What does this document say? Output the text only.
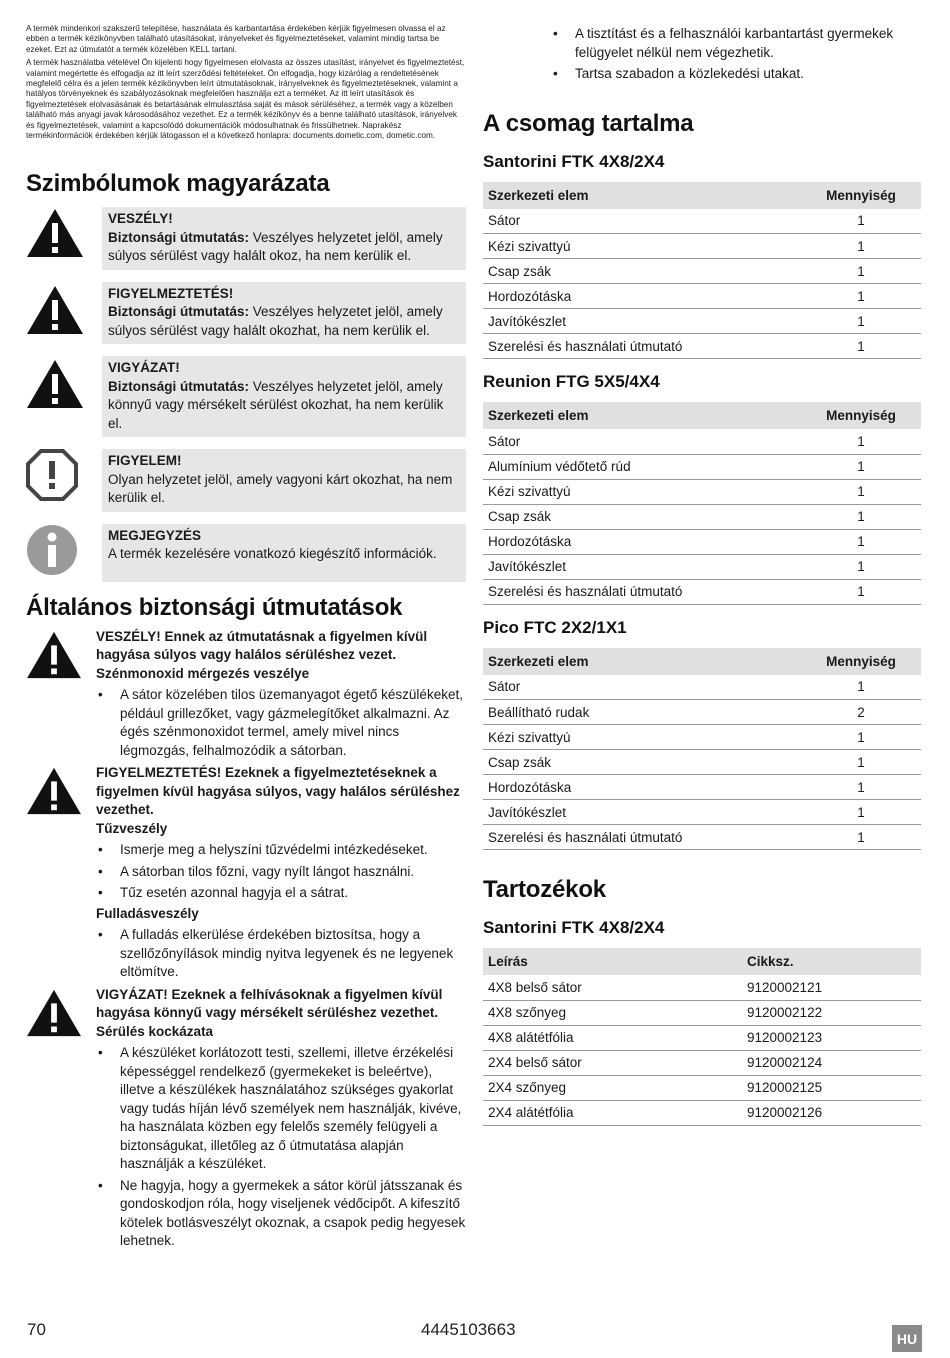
A termék mindenkori szakszerű telepítése, használata és karbantartása érdekében kérjük figyelmesen olvassa el az ebben a termék kézikönyvben található utasításokat, irányelveket és figyelmeztetéseket, valamint mindig tartsa be ezeket. Ezt az útmutatót a termék közelében KELL tartani.

A termék használatba vételével Ön kijelenti hogy figyelmesen elolvasta az összes utasítást, irányelvet és figyelmeztetést, valamint megértette és elfogadja az itt leírt szerződési feltételeket. Ön elfogadja, hogy kizárólag a rendeltetésének megfelelő célra és a jelen termék kézikönyvben leírt útmutatásoknak, irányelveknek és figyelmeztetéseknek, valamint a hatályos törvényeknek és szabályozásoknak megfelelően használja ezt a terméket. Az itt leírt utasítások és figyelmeztetések elolvasásának és betartásának elmulasztása saját és mások sérüléséhez, a termék vagy a közelben található más anyagi javak károsodásához vezethet. Ez a termék kézikönyv és a benne található utasítások, irányelvek és figyelmeztetések, valamint a kapcsolódó dokumentációk módosulhatnak és frissülhetnek. Naprakész termékinformációk érdekében kérjük látogasson el a következő honlapra: documents.dometic.com, dometic.com.

Szimbólumok magyarázata
VESZÉLY!
Biztonsági útmutatás: Veszélyes helyzetet jelöl, amely súlyos sérülést vagy halált okoz, ha nem kerülik el.
FIGYELMEZTETÉS!
Biztonsági útmutatás: Veszélyes helyzetet jelöl, amely súlyos sérülést vagy halált okozhat, ha nem kerülik el.
VIGYÁZAT!
Biztonsági útmutatás: Veszélyes helyzetet jelöl, amely könnyű vagy mérsékelt sérülést okozhat, ha nem kerülik el.
FIGYELEM!
Olyan helyzetet jelöl, amely vagyoni kárt okozhat, ha nem kerülik el.
MEGJEGYZÉS
A termék kezelésére vonatkozó kiegészítő információk.
Általános biztonsági útmutatások
VESZÉLY! Ennek az útmutatásnak a figyelmen kívül hagyása súlyos vagy halálos sérüléshez vezet.
Szénmonoxid mérgezés veszélye
• A sátor közelében tilos üzemanyagot égető készülékeket, például grillezőket, vagy gázmelegítőket alkalmazni. Az égés szénmonoxidot termel, amely mivel nincs légmozgás, felhalmozódik a sátorban.
FIGYELMEZTETÉS! Ezeknek a figyelmeztetéseknek a figyelmen kívül hagyása súlyos, vagy halálos sérüléshez vezethet.
Tűzveszély
• Ismerje meg a helyszíni tűzvédelmi intézkedéseket.
• A sátorban tilos főzni, vagy nyílt lángot használni.
• Tűz esetén azonnal hagyja el a sátrat.
Fulladásveszély
• A fulladás elkerülése érdekében biztosítsa, hogy a szellőzőnyílások mindig nyitva legyenek és ne legyenek eltömítve.
VIGYÁZAT! Ezeknek a felhívásoknak a figyelmen kívül hagyása könnyű vagy mérsékelt sérüléshez vezethet.
Sérülés kockázata
• A készüléket korlátozott testi, szellemi, illetve érzékelési képességgel rendelkező (gyermekeket is beleértve), illetve a készülékek használatához szükséges gyakorlat vagy tudás híján lévő személyek nem használják, kivéve, ha használata közben egy felelős személy felügyeli a biztonságukat, illetőleg az ő útmutatása alapján használják a készüléket.
• Ne hagyja, hogy a gyermekek a sátor körül játsszanak és gondoskodjon róla, hogy viseljenek védőcipőt. A kifeszítő kötelek botlásveszélyt okoznak, a csapok pedig hegyesek lehetnek.
• A tisztítást és a felhasználói karbantartást gyermekek felügyelet nélkül nem végezhetik.
• Tartsa szabadon a közlekedési utakat.
A csomag tartalma
Santorini FTK 4X8/2X4
Szerkezeti elem	Mennyiség
Sátor	1
Kézi szivattyú	1
Csap zsák	1
Hordozótáska	1
Javítókészlet	1
Szerelési és használati útmutató	1
Reunion FTG 5X5/4X4
Szerkezeti elem	Mennyiség
Sátor	1
Alumínium védőtető rúd	1
Kézi szivattyú	1
Csap zsák	1
Hordozótáska	1
Javítókészlet	1
Szerelési és használati útmutató	1
Pico FTC 2X2/1X1
Szerkezeti elem	Mennyiség
Sátor	1
Beállítható rudak	2
Kézi szivattyú	1
Csap zsák	1
Hordozótáska	1
Javítókészlet	1
Szerelési és használati útmutató	1
Tartozékok
Santorini FTK 4X8/2X4
Leírás	Cikksz.
4X8 belső sátor	9120002121
4X8 szőnyeg	9120002122
4X8 alátétfólia	9120002123
2X4 belső sátor	9120002124
2X4 szőnyeg	9120002125
2X4 alátétfólia	9120002126
70	4445103663	HU
